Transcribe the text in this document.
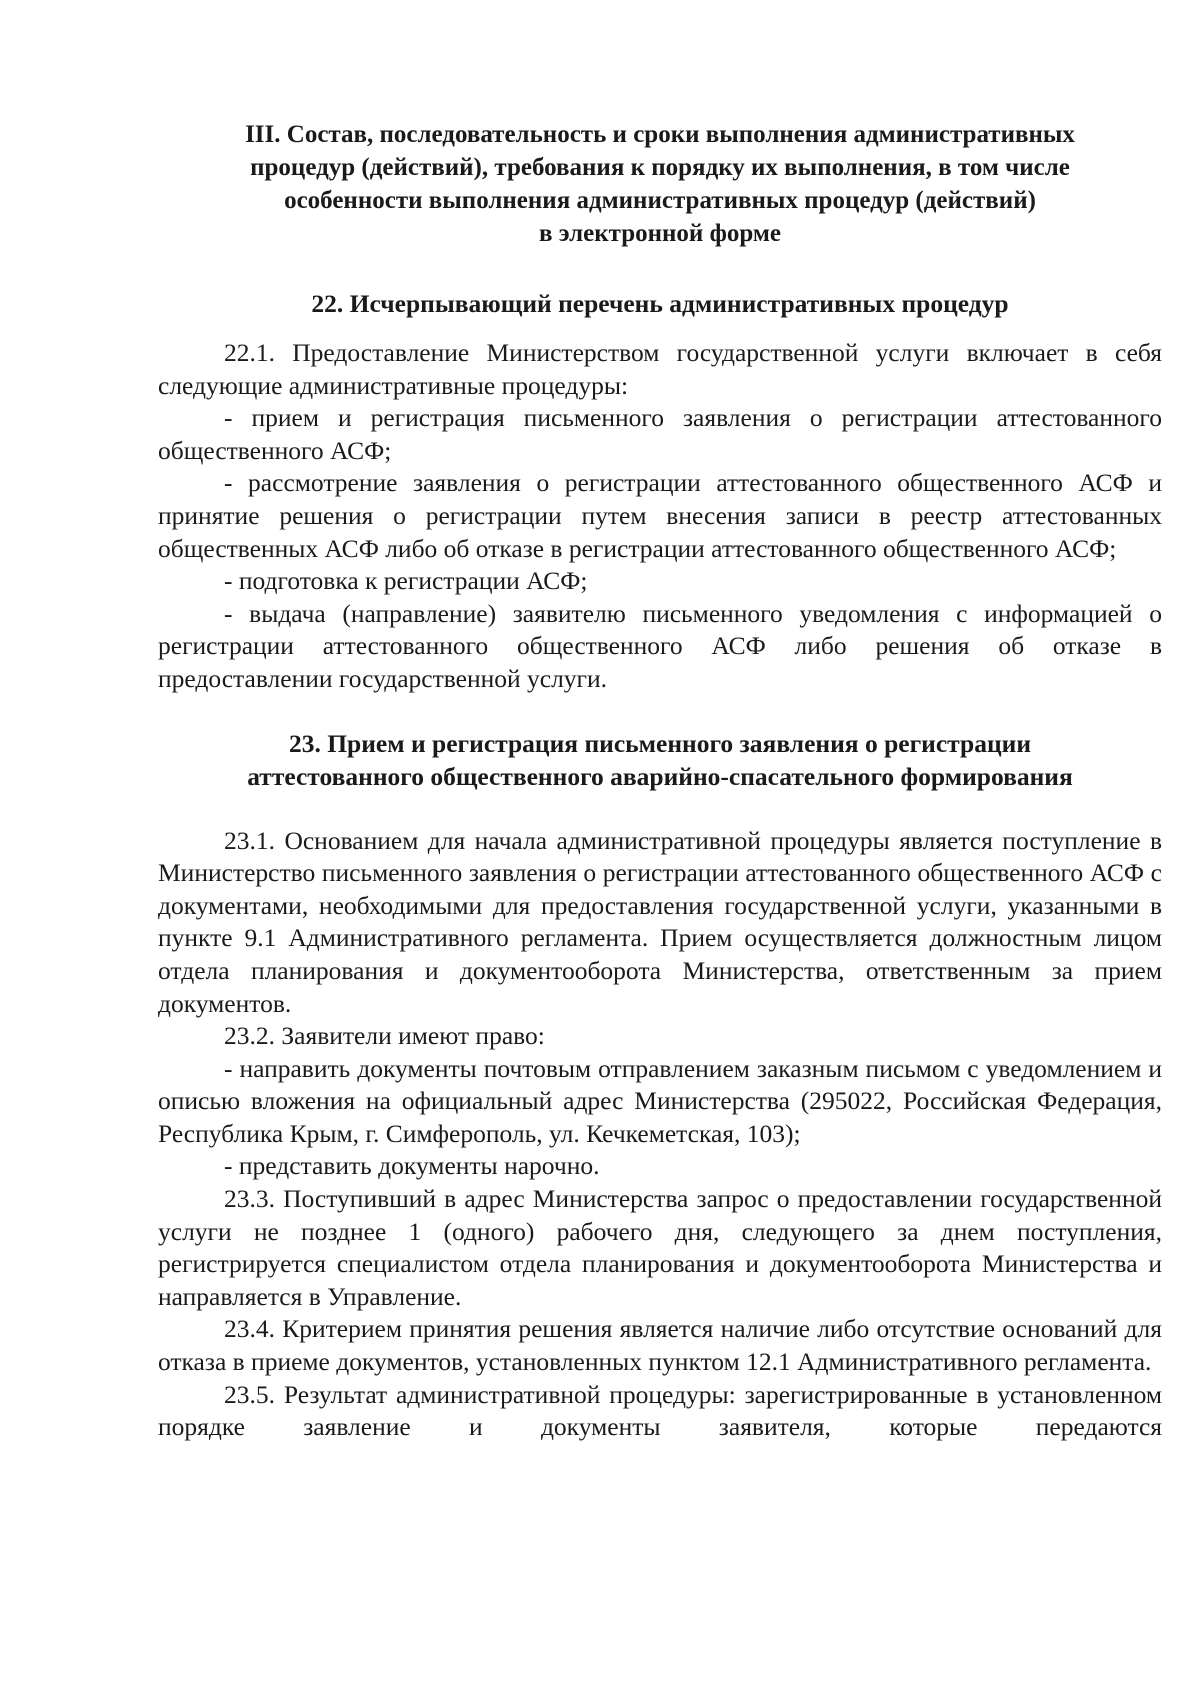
III. Состав, последовательность и сроки выполнения административных

процедур (действий), требования к порядку их выполнения, в том числе

особенности выполнения административных процедур (действий)

в электронной форме

22. Исчерпывающий перечень административных процедур

22.1. Предоставление Министерством государственной услуги включает в себя следующие административные процедуры:

- прием и регистрация письменного заявления о регистрации аттестованного общественного АСФ;

- рассмотрение заявления о регистрации аттестованного общественного АСФ и принятие решения о регистрации путем внесения записи в реестр аттестованных общественных АСФ либо об отказе в регистрации аттестованного общественного АСФ;

- подготовка к регистрации АСФ;

- выдача (направление) заявителю письменного уведомления с информацией о регистрации аттестованного общественного АСФ либо решения об отказе в предоставлении государственной услуги.

23. Прием и регистрация письменного заявления о регистрации
аттестованного общественного аварийно-спасательного формирования

23.1. Основанием для начала административной процедуры является поступление в Министерство письменного заявления о регистрации аттестованного общественного АСФ с документами, необходимыми для предоставления государственной услуги, указанными в пункте 9.1 Административного регламента. Прием осуществляется должностным лицом отдела планирования и документооборота Министерства, ответственным за прием документов.

23.2. Заявители имеют право:

- направить документы почтовым отправлением заказным письмом с уведомлением и описью вложения на официальный адрес Министерства (295022, Российская Федерация, Республика Крым, г. Симферополь, ул. Кечкеметская, 103);

- представить документы нарочно.

23.3. Поступивший в адрес Министерства запрос о предоставлении государственной услуги не позднее 1 (одного) рабочего дня, следующего за днем поступления, регистрируется специалистом отдела планирования и документооборота Министерства и направляется в Управление.

23.4. Критерием принятия решения является наличие либо отсутствие оснований для отказа в приеме документов, установленных пунктом 12.1 Административного регламента.

23.5. Результат административной процедуры: зарегистрированные в установленном порядке заявление и документы заявителя, которые передаются
